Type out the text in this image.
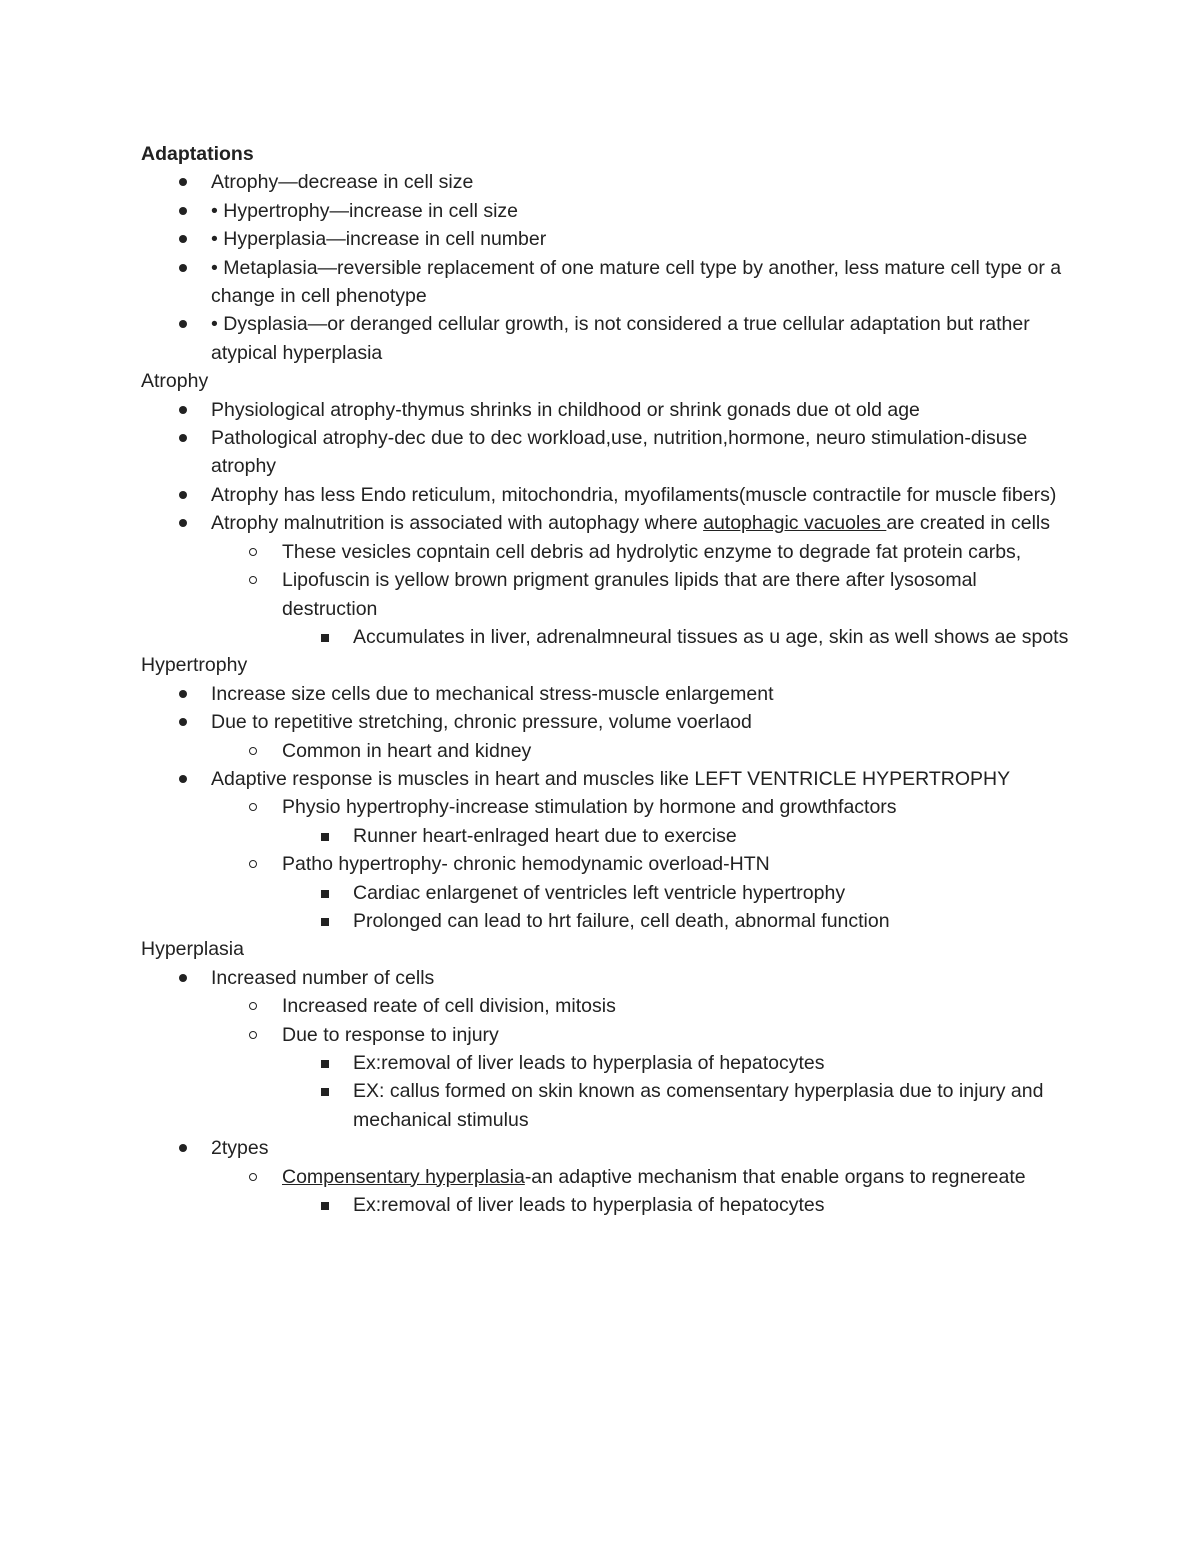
Adaptations

Atrophy—decrease in cell size
• Hypertrophy—increase in cell size
• Hyperplasia—increase in cell number
• Metaplasia—reversible replacement of one mature cell type by another, less mature cell type or a change in cell phenotype
• Dysplasia—or deranged cellular growth, is not considered a true cellular adaptation but rather atypical hyperplasia

Atrophy

Physiological atrophy-thymus shrinks in childhood or shrink gonads due ot old age
Pathological atrophy-dec due to dec workload,use, nutrition,hormone, neuro stimulation-disuse atrophy
Atrophy has less Endo reticulum, mitochondria, myofilaments(muscle contractile for muscle fibers)
Atrophy malnutrition is associated with autophagy where autophagic vacuoles are created in cells
These vesicles copntain cell debris ad hydrolytic enzyme to degrade fat protein carbs,
Lipofuscin is yellow brown prigment granules lipids that are there after lysosomal destruction
Accumulates in liver, adrenalmneural tissues as u age, skin as well shows ae spots

Hypertrophy

Increase size cells due to mechanical stress-muscle enlargement
Due to repetitive stretching, chronic pressure, volume voerlaod
Common in heart and kidney
Adaptive response is muscles in heart and muscles like LEFT VENTRICLE HYPERTROPHY
Physio hypertrophy-increase stimulation by hormone and growthfactors
Runner heart-enlraged heart due to exercise
Patho hypertrophy- chronic hemodynamic overload-HTN
Cardiac enlargenet of ventricles left ventricle hypertrophy
Prolonged can lead to hrt failure, cell death, abnormal function

Hyperplasia

Increased number of cells
Increased reate of cell division, mitosis
Due to response to injury
Ex:removal of liver leads to hyperplasia of hepatocytes
EX: callus formed on skin known as comensentary hyperplasia due to injury and mechanical stimulus
2types
Compensentary hyperplasia-an adaptive mechanism that enable organs to regnereate
Ex:removal of liver leads to hyperplasia of hepatocytes
